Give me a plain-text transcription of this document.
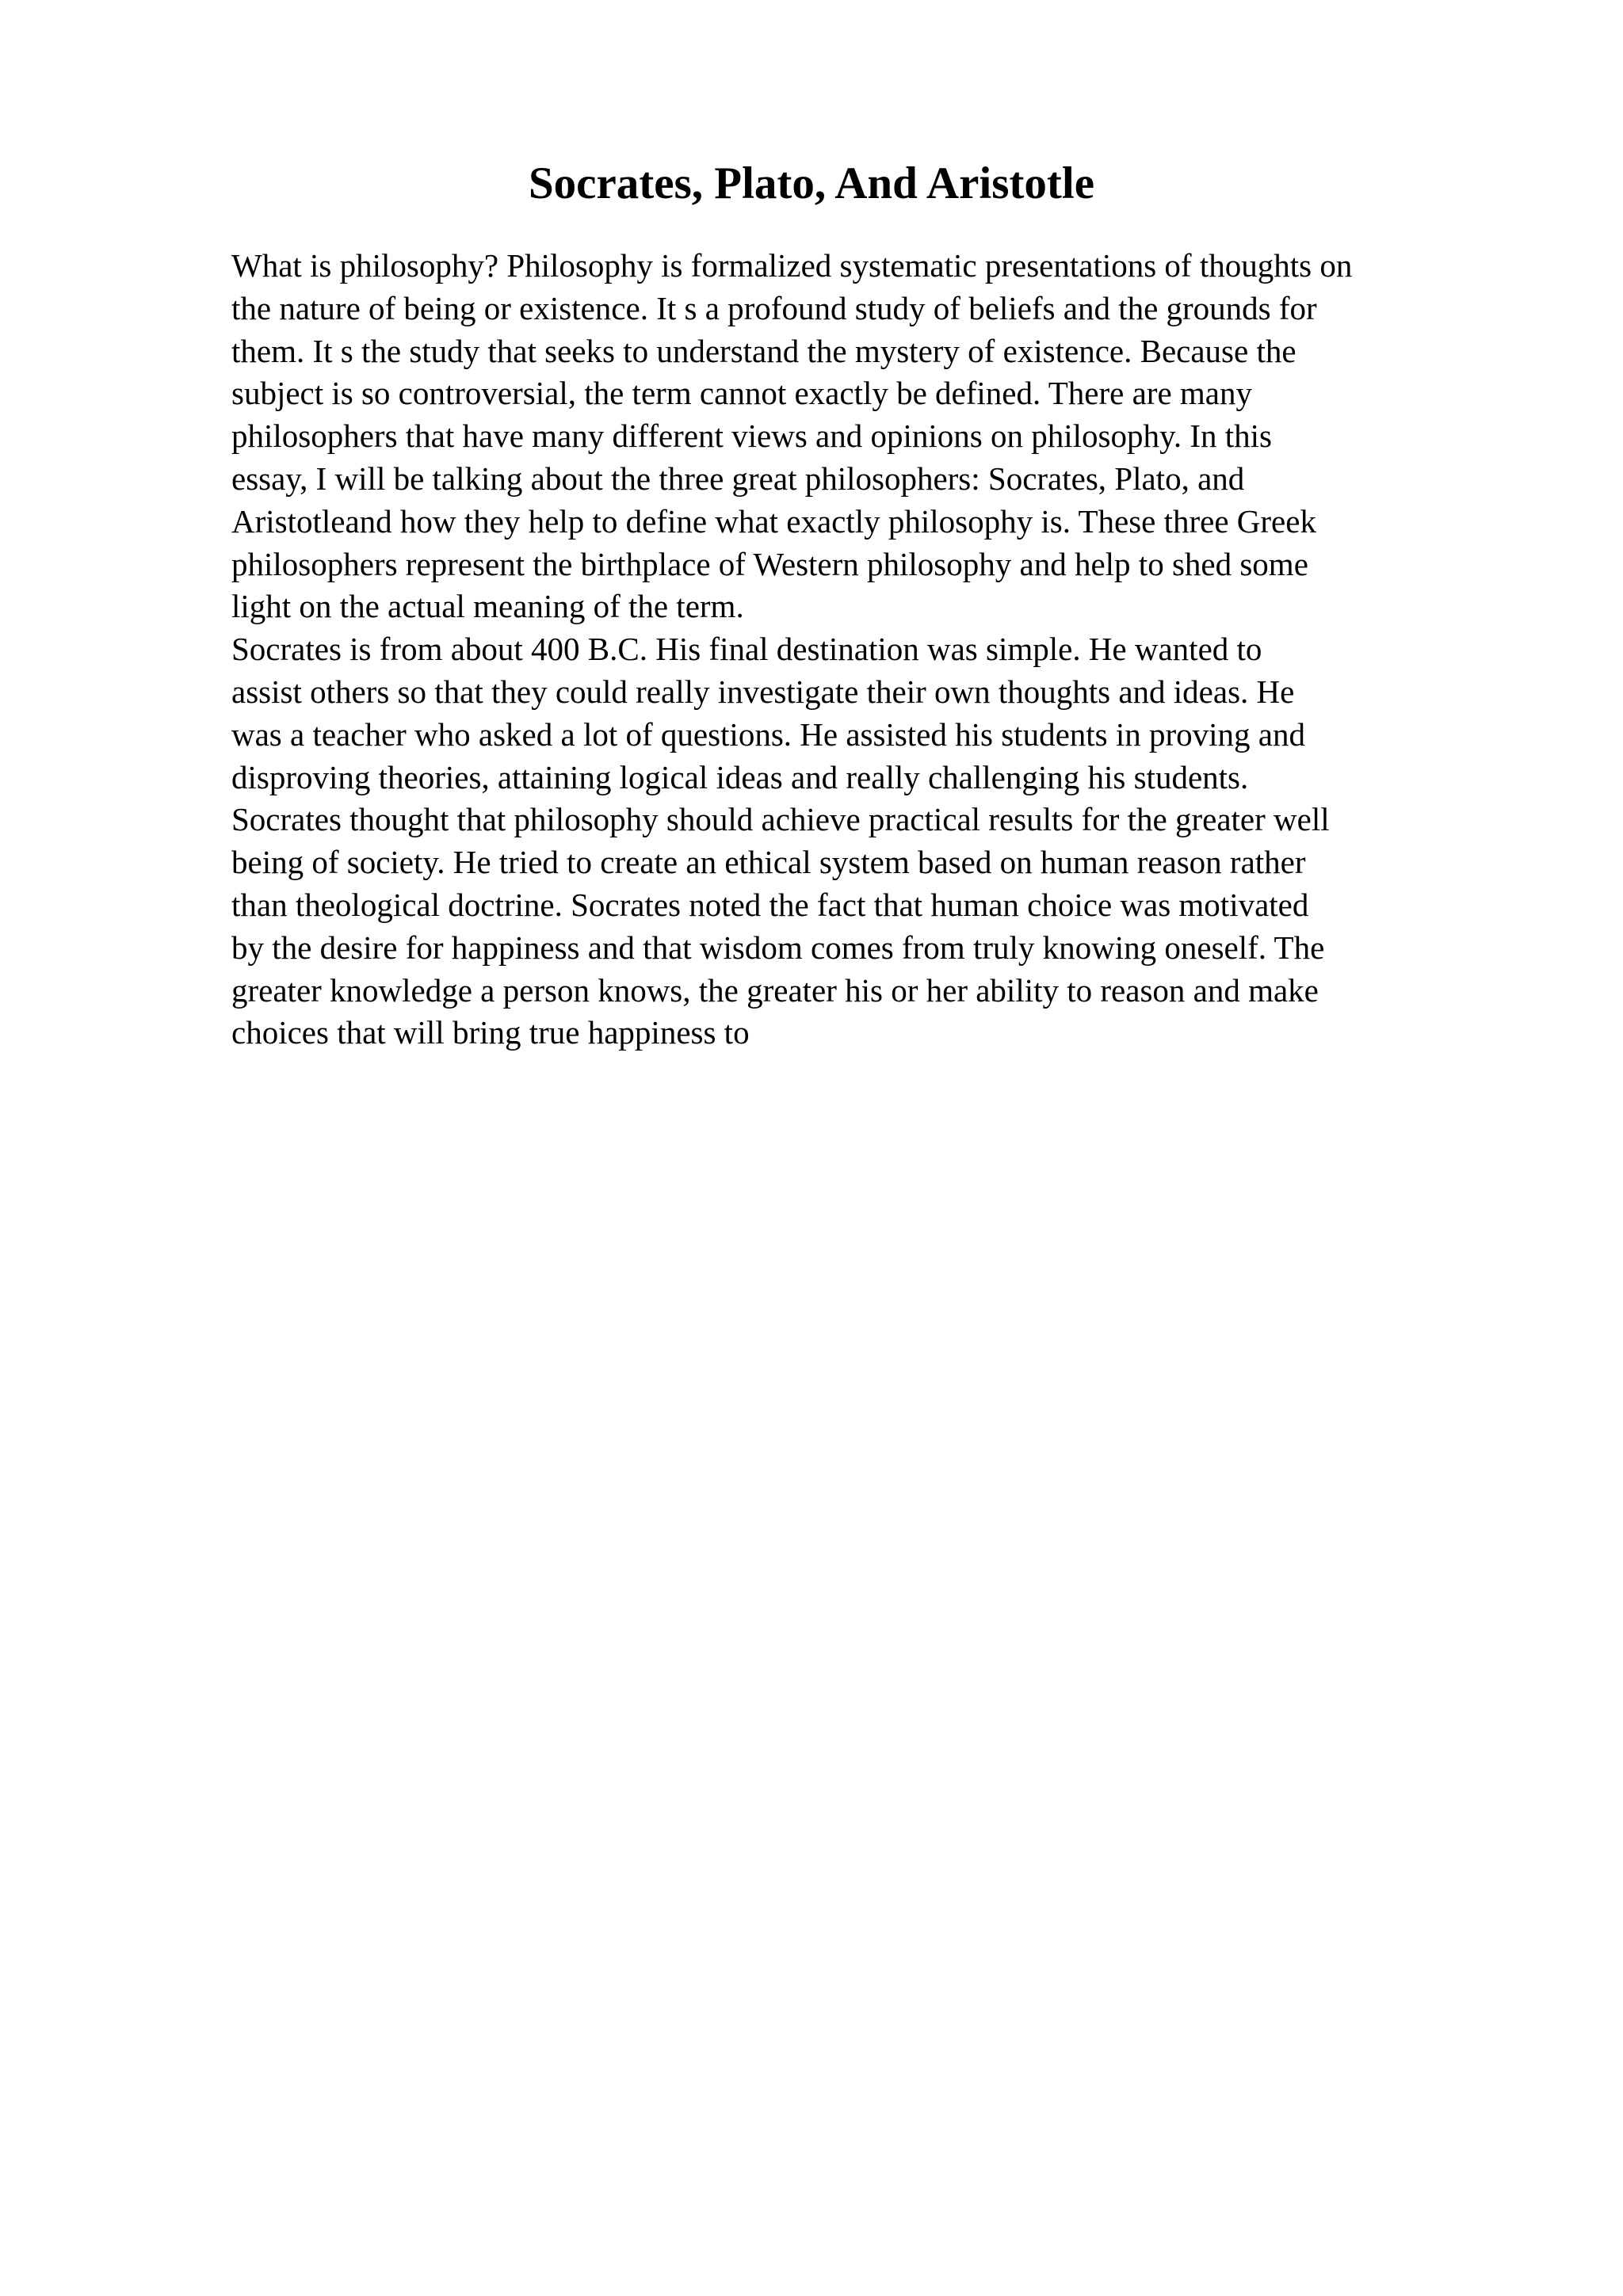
Socrates, Plato, And Aristotle
What is philosophy? Philosophy is formalized systematic presentations of thoughts on
the nature of being or existence. It s a profound study of beliefs and the grounds for
them. It s the study that seeks to understand the mystery of existence. Because the
subject is so controversial, the term cannot exactly be defined. There are many
philosophers that have many different views and opinions on philosophy. In this
essay, I will be talking about the three great philosophers: Socrates, Plato, and
Aristotleand how they help to define what exactly philosophy is. These three Greek
philosophers represent the birthplace of Western philosophy and help to shed some
light on the actual meaning of the term.
Socrates is from about 400 B.C. His final destination was simple. He wanted to
assist others so that they could really investigate their own thoughts and ideas. He
was a teacher who asked a lot of questions. He assisted his students in proving and
disproving theories, attaining logical ideas and really challenging his students.
Socrates thought that philosophy should achieve practical results for the greater well
being of society. He tried to create an ethical system based on human reason rather
than theological doctrine. Socrates noted the fact that human choice was motivated
by the desire for happiness and that wisdom comes from truly knowing oneself. The
greater knowledge a person knows, the greater his or her ability to reason and make
choices that will bring true happiness to
